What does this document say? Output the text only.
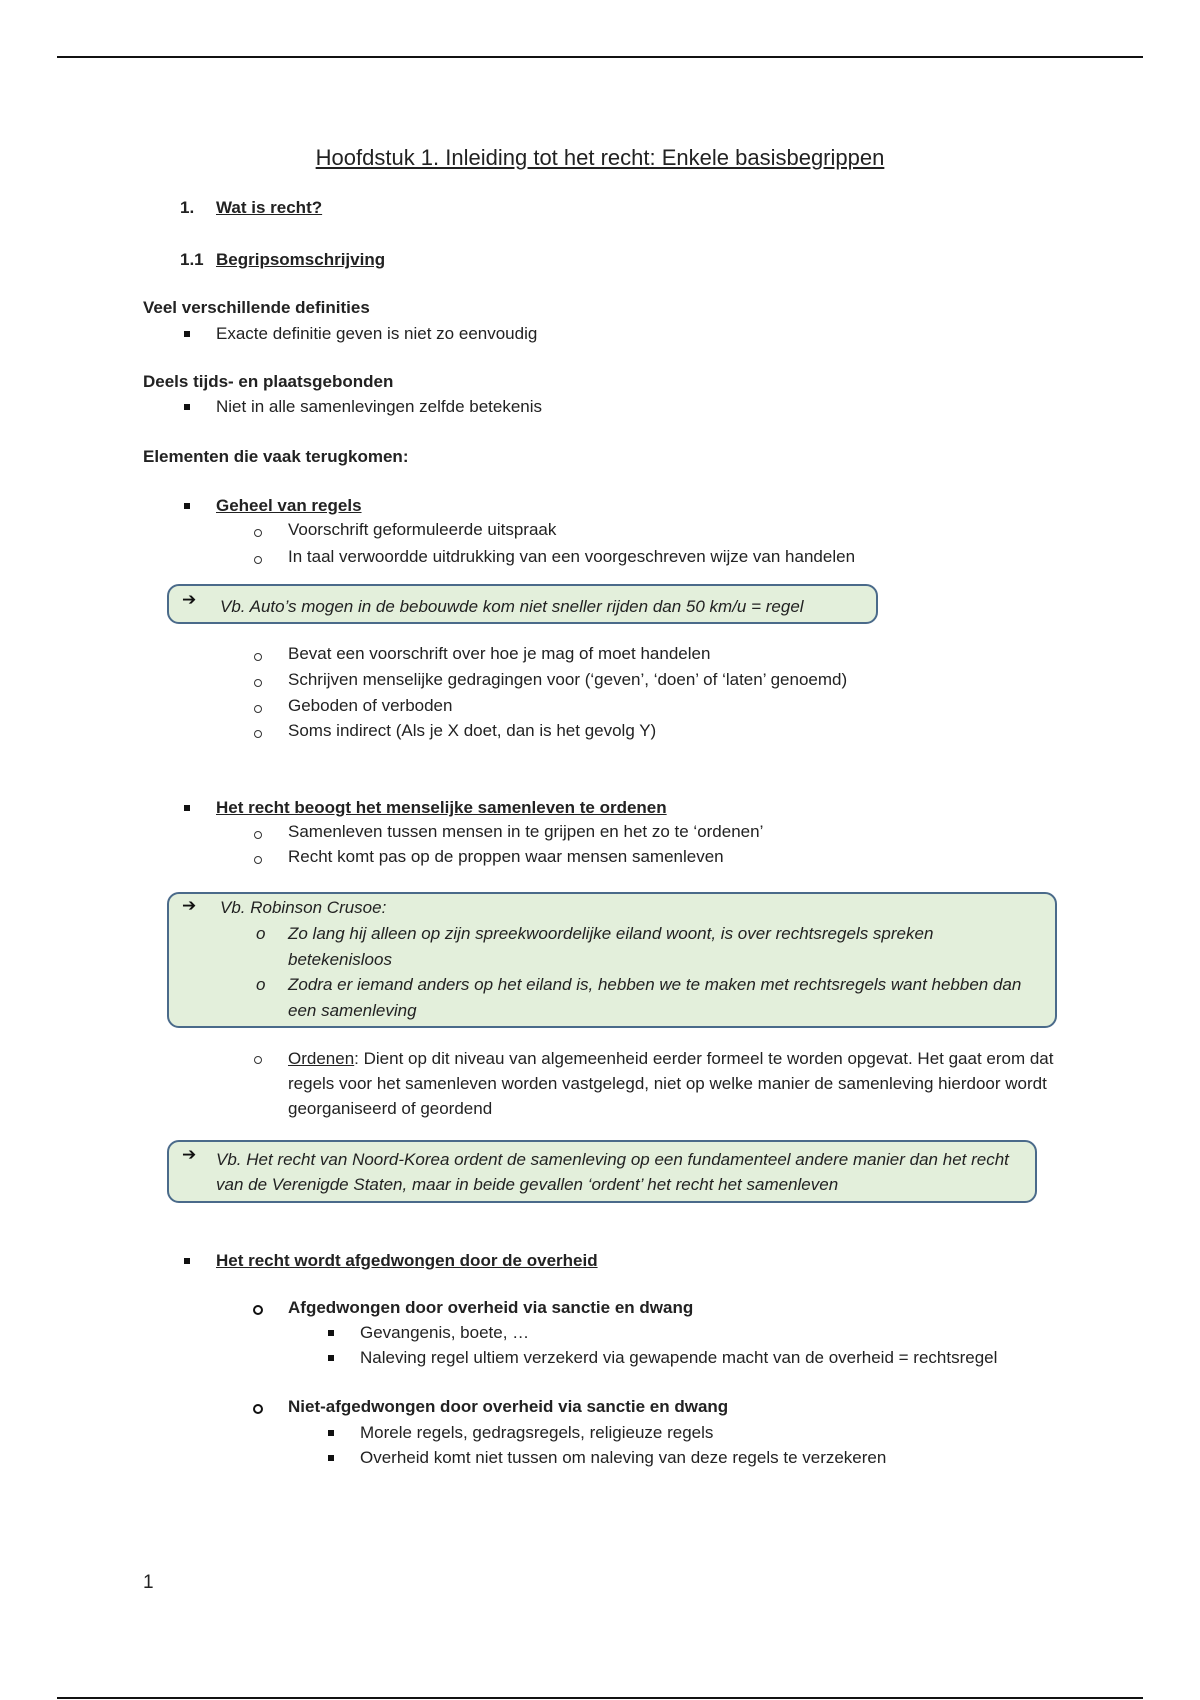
Hoofdstuk 1. Inleiding tot het recht: Enkele basisbegrippen
1. Wat is recht?
1.1 Begripsomschrijving
Veel verschillende definities
Exacte definitie geven is niet zo eenvoudig
Deels tijds- en plaatsgebonden
Niet in alle samenlevingen zelfde betekenis
Elementen die vaak terugkomen:
Geheel van regels
Voorschrift geformuleerde uitspraak
In taal verwoordde uitdrukking van een voorgeschreven wijze van handelen
➔ Vb. Auto’s mogen in de bebouwde kom niet sneller rijden dan 50 km/u = regel
Bevat een voorschrift over hoe je mag of moet handelen
Schrijven menselijke gedragingen voor (‘geven’, ‘doen’ of ‘laten’ genoemd)
Geboden of verboden
Soms indirect (Als je X doet, dan is het gevolg Y)
Het recht beoogt het menselijke samenleven te ordenen
Samenleven tussen mensen in te grijpen en het zo te ‘ordenen’
Recht komt pas op de proppen waar mensen samenleven
➔ Vb. Robinson Crusoe:
o Zo lang hij alleen op zijn spreekwoordelijke eiland woont, is over rechtsregels spreken betekenisloos
o Zodra er iemand anders op het eiland is, hebben we te maken met rechtsregels want hebben dan een samenleving
Ordenen: Dient op dit niveau van algemeenheid eerder formeel te worden opgevat. Het gaat erom dat regels voor het samenleven worden vastgelegd, niet op welke manier de samenleving hierdoor wordt georganiseerd of geordend
➔ Vb. Het recht van Noord-Korea ordent de samenleving op een fundamenteel andere manier dan het recht van de Verenigde Staten, maar in beide gevallen ‘ordent’ het recht het samenleven
Het recht wordt afgedwongen door de overheid
Afgedwongen door overheid via sanctie en dwang
Gevangenis, boete, …
Naleving regel ultiem verzekerd via gewapende macht van de overheid = rechtsregel
Niet-afgedwongen door overheid via sanctie en dwang
Morele regels, gedragsregels, religieuze regels
Overheid komt niet tussen om naleving van deze regels te verzekeren
1
